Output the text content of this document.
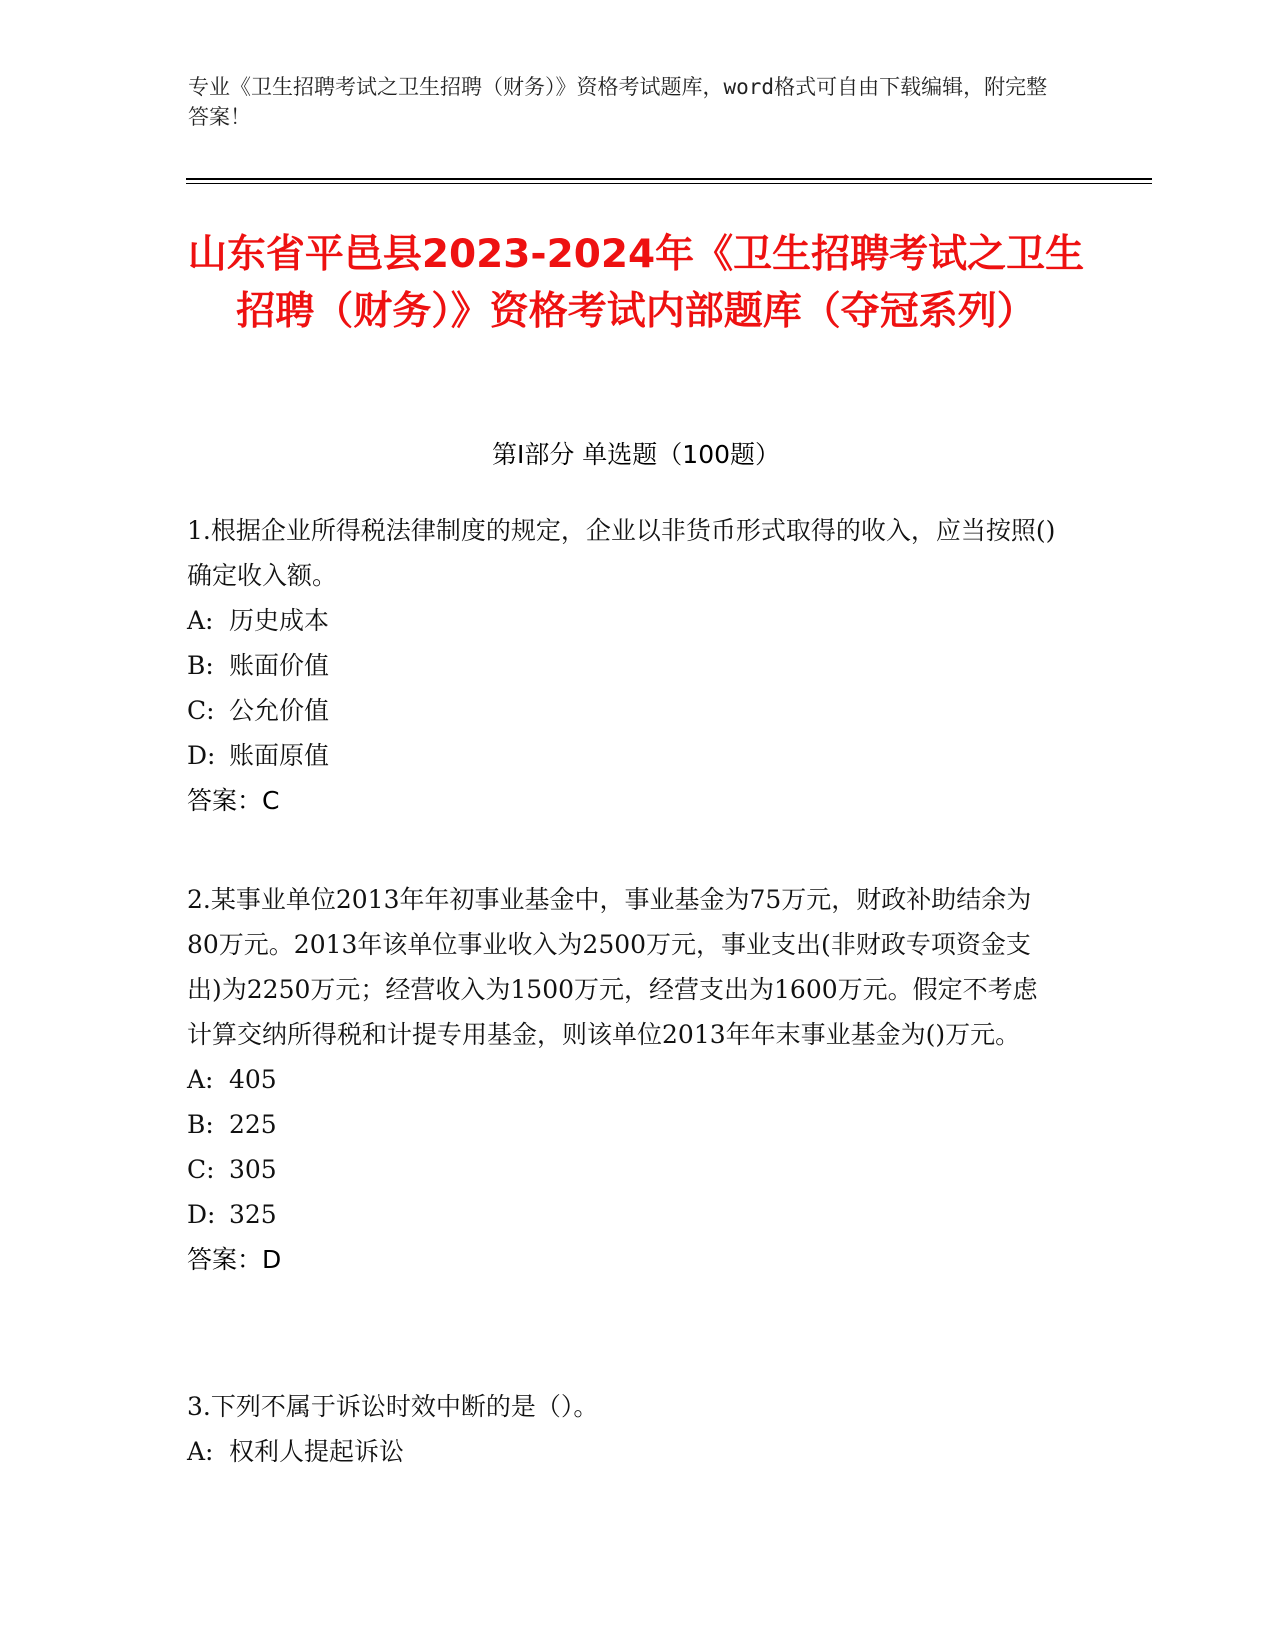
专业《卫生招聘考试之卫生招聘（财务）》资格考试题库，word格式可自由下载编辑，附完整答案！
山东省平邑县2023-2024年《卫生招聘考试之卫生招聘（财务）》资格考试内部题库（夺冠系列）
第Ⅰ部分 单选题（100题）

1.根据企业所得税法律制度的规定，企业以非货币形式取得的收入，应当按照()确定收入额。

A: 历史成本

B: 账面价值

C: 公允价值

D: 账面原值

答案：C

2.某事业单位2013年年初事业基金中，事业基金为75万元，财政补助结余为80万元。2013年该单位事业收入为2500万元，事业支出(非财政专项资金支出)为2250万元；经营收入为1500万元，经营支出为1600万元。假定不考虑计算交纳所得税和计提专用基金，则该单位2013年年末事业基金为()万元。

A: 405

B: 225

C: 305

D: 325

答案：D

3.下列不属于诉讼时效中断的是（）。

A: 权利人提起诉讼
